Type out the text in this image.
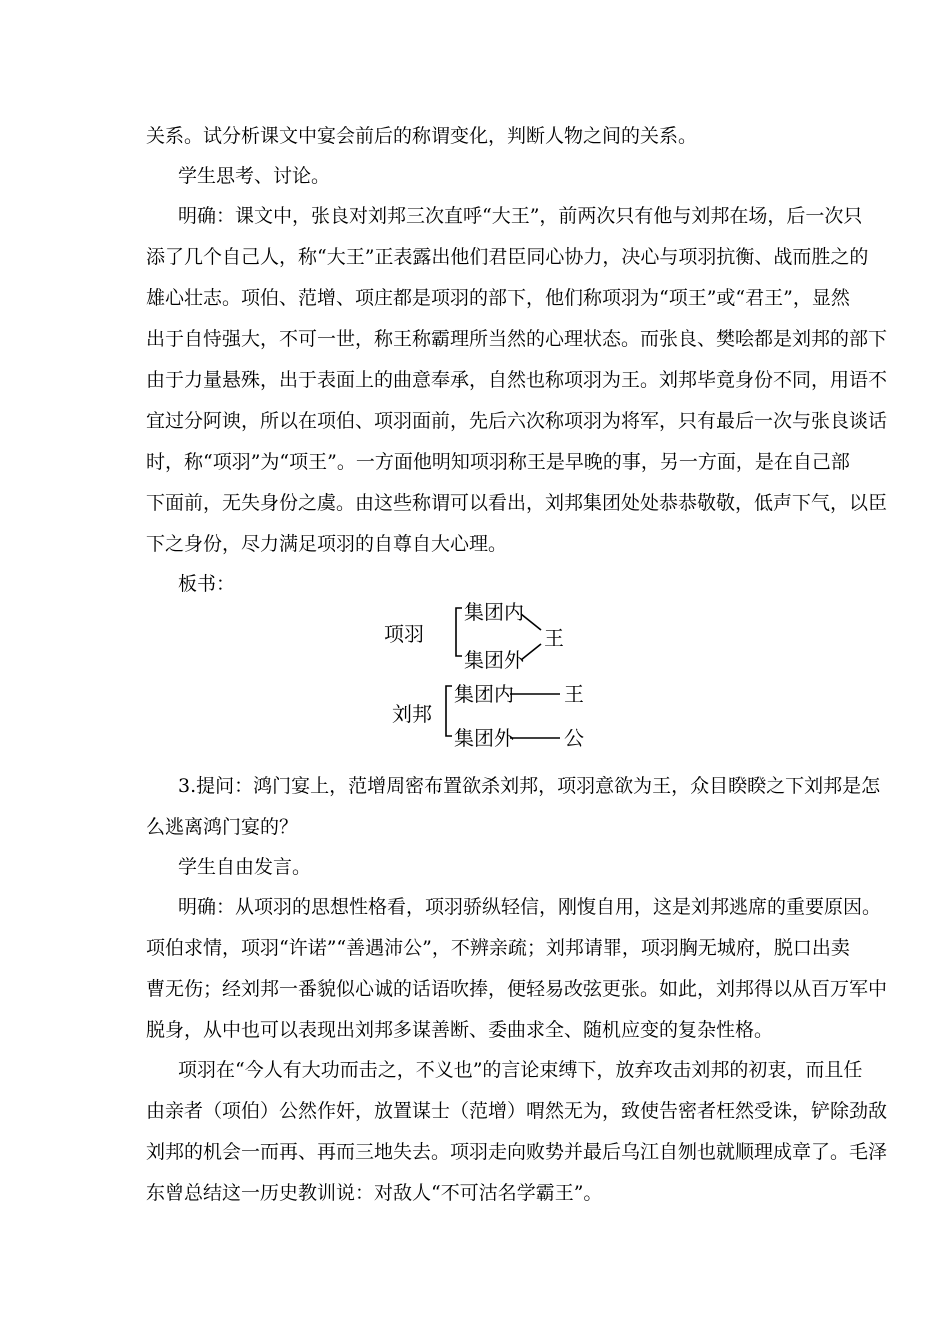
关系。试分析课文中宴会前后的称谓变化，判断人物之间的关系。
学生思考、讨论。
明确：课文中，张良对刘邦三次直呼“大王”，前两次只有他与刘邦在场，后一次只
添了几个自己人，称“大王”正表露出他们君臣同心协力，决心与项羽抗衡、战而胜之的
雄心壮志。项伯、范增、项庄都是项羽的部下，他们称项羽为“项王”或“君王”，显然
出于自恃强大，不可一世，称王称霸理所当然的心理状态。而张良、樊哙都是刘邦的部下
由于力量悬殊，出于表面上的曲意奉承，自然也称项羽为王。刘邦毕竟身份不同，用语不
宜过分阿谀，所以在项伯、项羽面前，先后六次称项羽为将军，只有最后一次与张良谈话
时，称“项羽”为“项王”。一方面他明知项羽称王是早晚的事，另一方面，是在自己部
下面前，无失身份之虞。由这些称谓可以看出，刘邦集团处处恭恭敬敬，低声下气，以臣
下之身份，尽力满足项羽的自尊自大心理。
板书：
项羽
集团内
集团外
王
刘邦
集团内	王
集团外	公
3.提问：鸿门宴上，范增周密布置欲杀刘邦，项羽意欲为王，众目睽睽之下刘邦是怎
么逃离鸿门宴的？
学生自由发言。
明确：从项羽的思想性格看，项羽骄纵轻信，刚愎自用，这是刘邦逃席的重要原因。
项伯求情，项羽“许诺”“善遇沛公”，不辨亲疏；刘邦请罪，项羽胸无城府，脱口出卖
曹无伤；经刘邦一番貌似心诚的话语吹捧，便轻易改弦更张。如此，刘邦得以从百万军中
脱身，从中也可以表现出刘邦多谋善断、委曲求全、随机应变的复杂性格。
项羽在“今人有大功而击之，不义也”的言论束缚下，放弃攻击刘邦的初衷，而且任
由亲者（项伯）公然作奸，放置谋士（范增）喟然无为，致使告密者枉然受诛，铲除劲敌
刘邦的机会一而再、再而三地失去。项羽走向败势并最后乌江自刎也就顺理成章了。毛泽
东曾总结这一历史教训说：对敌人“不可沽名学霸王”。
